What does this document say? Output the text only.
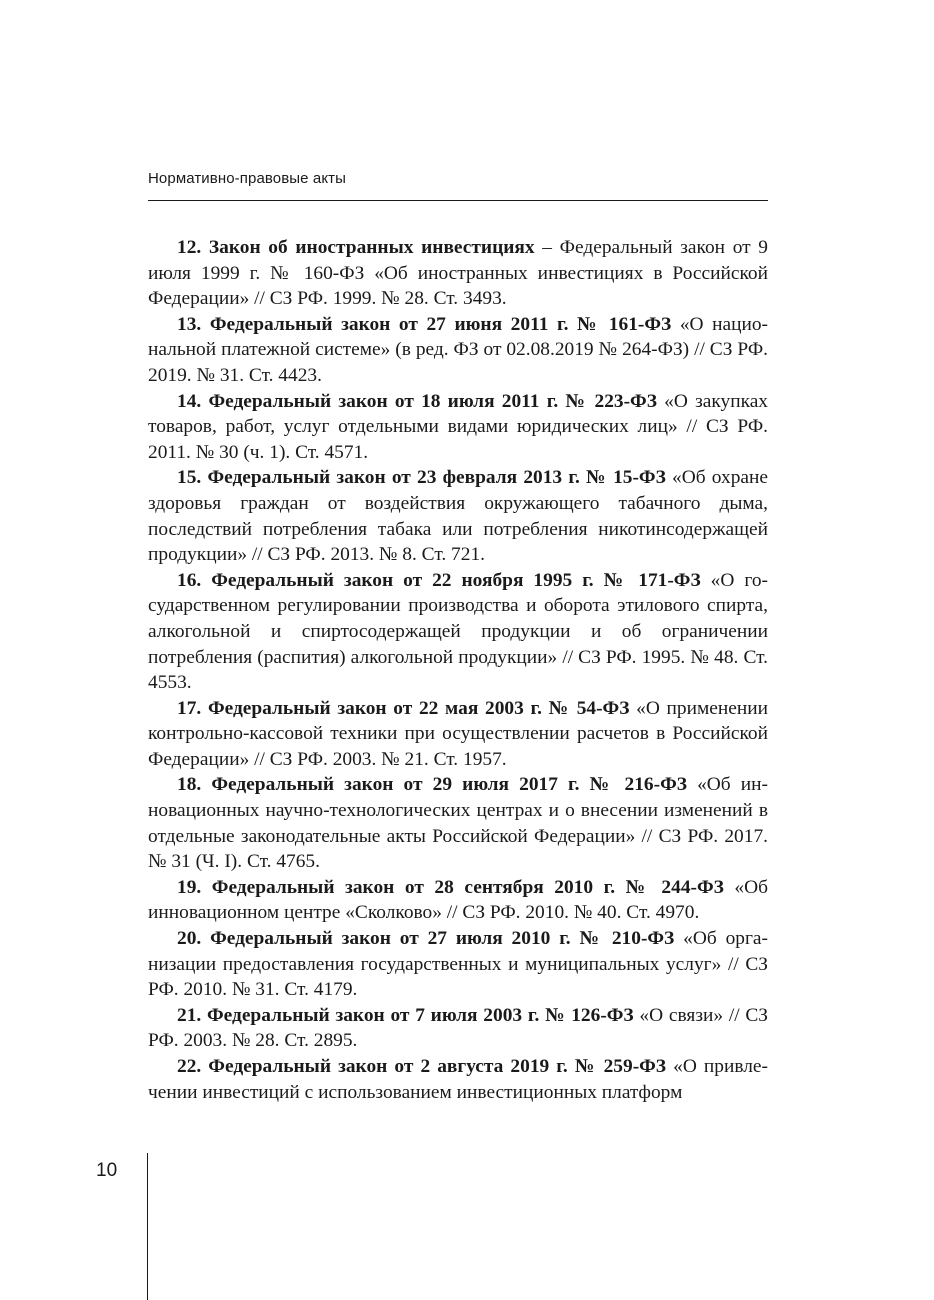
Нормативно-правовые акты

12. Закон об иностранных инвестициях – Федеральный закон от 9 июля 1999 г. № 160-ФЗ «Об иностранных инвестициях в Российской Федерации» // СЗ РФ. 1999. № 28. Ст. 3493.

13. Федеральный закон от 27 июня 2011 г. № 161-ФЗ «О национальной платежной системе» (в ред. ФЗ от 02.08.2019 № 264-ФЗ) // СЗ РФ. 2019. № 31. Ст. 4423.

14. Федеральный закон от 18 июля 2011 г. № 223-ФЗ «О закупках товаров, работ, услуг отдельными видами юридических лиц» // СЗ РФ. 2011. № 30 (ч. 1). Ст. 4571.

15. Федеральный закон от 23 февраля 2013 г. № 15-ФЗ «Об охране здоровья граждан от воздействия окружающего табачного дыма, последствий потребления табака или потребления никотинсодержащей продукции» // СЗ РФ. 2013. № 8. Ст. 721.

16. Федеральный закон от 22 ноября 1995 г. № 171-ФЗ «О государственном регулировании производства и оборота этилового спирта, алкогольной и спиртосодержащей продукции и об ограничении потребления (распития) алкогольной продукции» // СЗ РФ. 1995. № 48. Ст. 4553.

17. Федеральный закон от 22 мая 2003 г. № 54-ФЗ «О применении контрольно-кассовой техники при осуществлении расчетов в Российской Федерации» // СЗ РФ. 2003. № 21. Ст. 1957.

18. Федеральный закон от 29 июля 2017 г. № 216-ФЗ «Об инновационных научно-технологических центрах и о внесении изменений в отдельные законодательные акты Российской Федерации» // СЗ РФ. 2017. № 31 (Ч. I). Ст. 4765.

19. Федеральный закон от 28 сентября 2010 г. № 244-ФЗ «Об инновационном центре «Сколково» // СЗ РФ. 2010. № 40. Ст. 4970.

20. Федеральный закон от 27 июля 2010 г. № 210-ФЗ «Об организации предоставления государственных и муниципальных услуг» // СЗ РФ. 2010. № 31. Ст. 4179.

21. Федеральный закон от 7 июля 2003 г. № 126-ФЗ «О связи» // СЗ РФ. 2003. № 28. Ст. 2895.

22. Федеральный закон от 2 августа 2019 г. № 259-ФЗ «О привлечении инвестиций с использованием инвестиционных платформ

10
